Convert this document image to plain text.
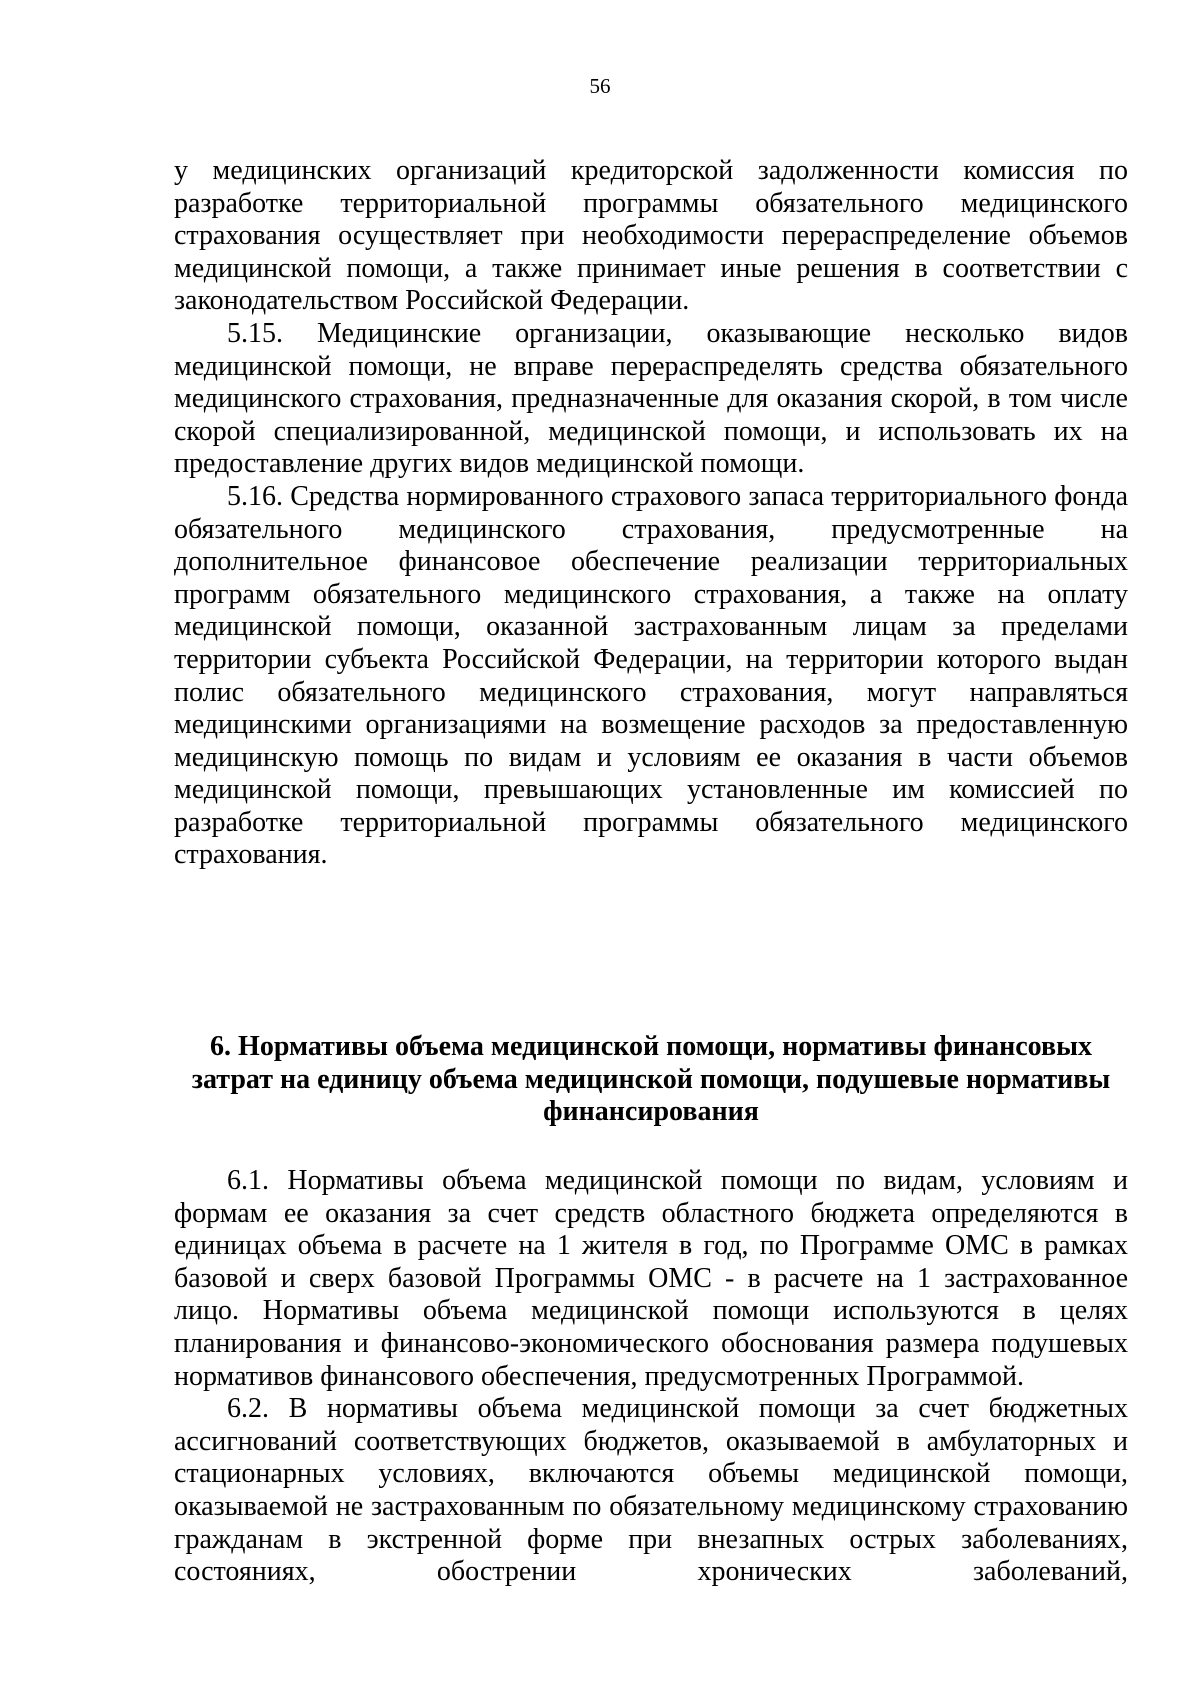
56

у медицинских организаций кредиторской задолженности комиссия по разработке территориальной программы обязательного медицинского страхования осуществляет при необходимости перераспределение объемов медицинской помощи, а также принимает иные решения в соответствии с законодательством Российской Федерации.

5.15. Медицинские организации, оказывающие несколько видов медицинской помощи, не вправе перераспределять средства обязательного медицинского страхования, предназначенные для оказания скорой, в том числе скорой специализированной, медицинской помощи, и использовать их на предоставление других видов медицинской помощи.

5.16. Средства нормированного страхового запаса территориального фонда обязательного медицинского страхования, предусмотренные на дополнительное финансовое обеспечение реализации территориальных программ обязательного медицинского страхования, а также на оплату медицинской помощи, оказанной застрахованным лицам за пределами территории субъекта Российской Федерации, на территории которого выдан полис обязательного медицинского страхования, могут направляться медицинскими организациями на возмещение расходов за предоставленную медицинскую помощь по видам и условиям ее оказания в части объемов медицинской помощи, превышающих установленные им комиссией по разработке территориальной программы обязательного медицинского страхования.

6. Нормативы объема медицинской помощи, нормативы финансовых затрат на единицу объема медицинской помощи, подушевые нормативы финансирования

6.1. Нормативы объема медицинской помощи по видам, условиям и формам ее оказания за счет средств областного бюджета определяются в единицах объема в расчете на 1 жителя в год, по Программе ОМС в рамках базовой и сверх базовой Программы ОМС - в расчете на 1 застрахованное лицо. Нормативы объема медицинской помощи используются в целях планирования и финансово-экономического обоснования размера подушевых нормативов финансового обеспечения, предусмотренных Программой.

6.2. В нормативы объема медицинской помощи за счет бюджетных ассигнований соответствующих бюджетов, оказываемой в амбулаторных и стационарных условиях, включаются объемы медицинской помощи, оказываемой не застрахованным по обязательному медицинскому страхованию гражданам в экстренной форме при внезапных острых заболеваниях, состояниях, обострении хронических заболеваний,
